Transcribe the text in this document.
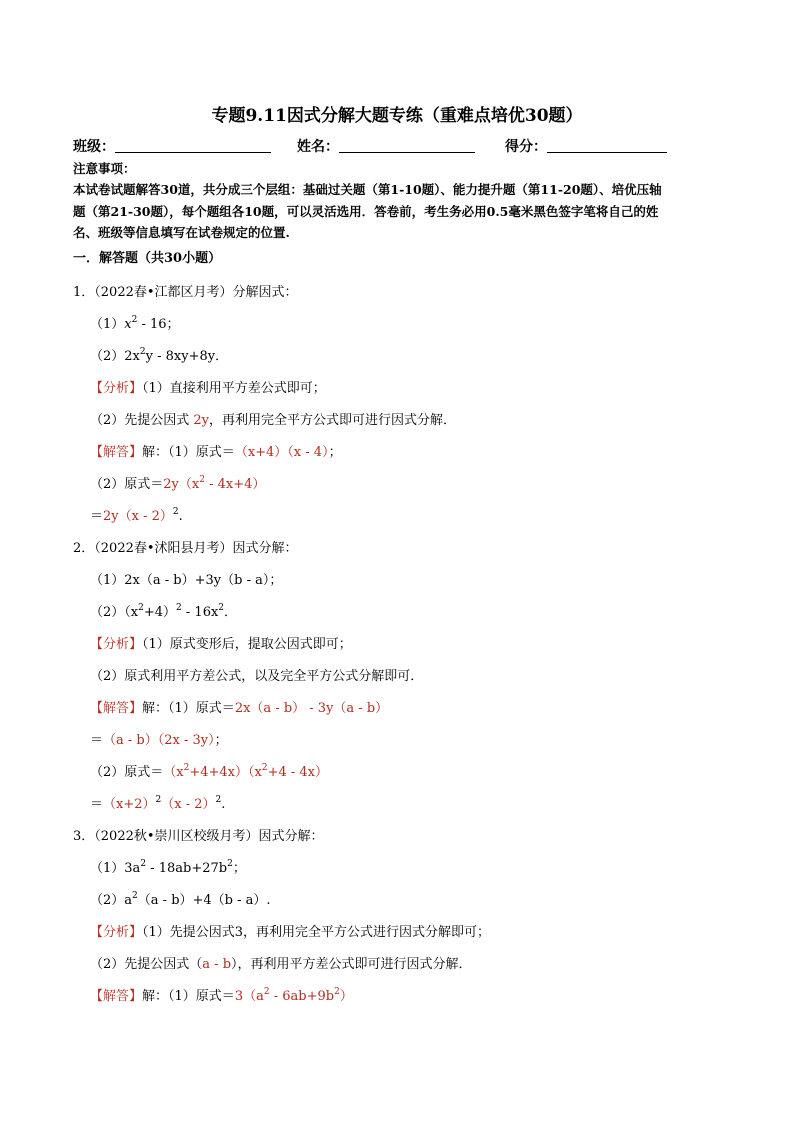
专题9.11因式分解大题专练（重难点培优30题）
班级：	姓名：	得分：
注意事项：
本试卷试题解答30道，共分成三个层组：基础过关题（第1-10题）、能力提升题（第11-20题）、培优压轴
题（第21-30题），每个题组各10题，可以灵活选用．答卷前，考生务必用0.5毫米黑色签字笔将自己的姓
名、班级等信息填写在试卷规定的位置.
一．解答题（共30小题）
1．（2022春•江都区月考）分解因式：
$(1)x^2 - 16$；
$(2)2x^2y - 8xy+8y$．
【分析】（1）直接利用平方差公式即可；
（2）先提公因式 2y，再利用完全平方公式即可进行因式分解．
【解答】解：（1）原式＝（x+4）（x - 4）；
（2）原式$=2y(x^2 - 4x+4)$
＝2y（x - 2）$^2$.
2．（2022春•沭阳县月考）因式分解：
（1）2x（a - b）+3y（b - a）；
$(2)(x^2+4)^2 - 16x^2$．
【分析】（1）原式变形后，提取公因式即可；
（2）原式利用平方差公式，以及完全平方公式分解即可．
【解答】解：（1）原式＝2x（a - b） - 3y（a - b）
＝（a - b）（2x - 3y）；
（2）原式$=(x^2+4+4x)(x^2+4 - 4x)$
$=(x+2)^2(x - 2)^2$.
3．（2022秋•崇川区校级月考）因式分解：
$(1)3a^2 - 18ab+27b^2$；
$(2)a^2(a - b)+4(b - a)$.
【分析】（1）先提公因式3，再利用完全平方公式进行因式分解即可；
（2）先提公因式（a - b），再利用平方差公式即可进行因式分解．
【解答】解：（1）原式$=3(a^2 - 6ab+9b^2)$
